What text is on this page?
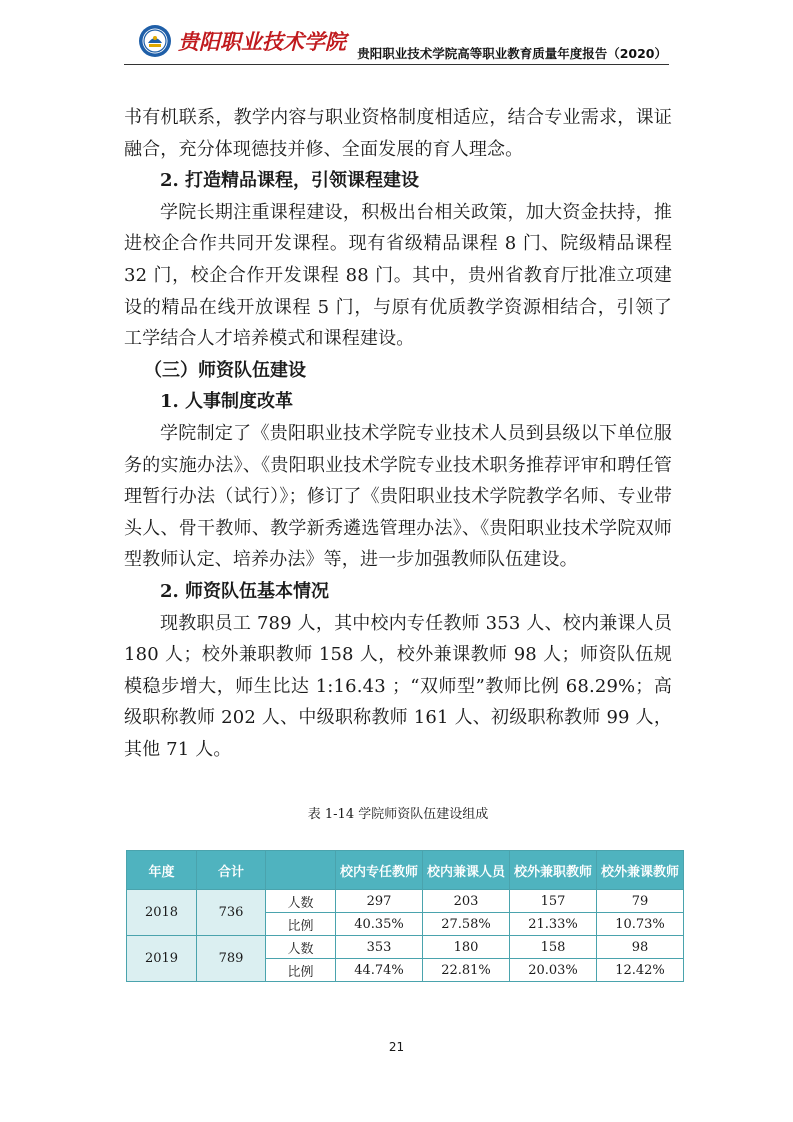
贵阳职业技术学院 贵阳职业技术学院高等职业教育质量年度报告（2020）

书有机联系，教学内容与职业资格制度相适应，结合专业需求，课证融合，充分体现德技并修、全面发展的育人理念。

2. 打造精品课程，引领课程建设

学院长期注重课程建设，积极出台相关政策，加大资金扶持，推进校企合作共同开发课程。现有省级精品课程 8 门、院级精品课程 32 门，校企合作开发课程 88 门。其中，贵州省教育厅批准立项建设的精品在线开放课程 5 门，与原有优质教学资源相结合，引领了工学结合人才培养模式和课程建设。

（三）师资队伍建设

1. 人事制度改革

学院制定了《贵阳职业技术学院专业技术人员到县级以下单位服务的实施办法》、《贵阳职业技术学院专业技术职务推荐评审和聘任管理暂行办法（试行）》；修订了《贵阳职业技术学院教学名师、专业带头人、骨干教师、教学新秀遴选管理办法》、《贵阳职业技术学院双师型教师认定、培养办法》等，进一步加强教师队伍建设。

2. 师资队伍基本情况

现教职员工 789 人，其中校内专任教师 353 人、校内兼课人员 180 人；校外兼职教师 158 人，校外兼课教师 98 人；师资队伍规模稳步增大，师生比达 1:16.43 ；“双师型”教师比例 68.29%；高级职称教师 202 人、中级职称教师 161 人、初级职称教师 99 人，其他 71 人。

表 1-14 学院师资队伍建设组成
年度	合计		校内专任教师	校内兼课人员	校外兼职教师	校外兼课教师
2018	736	人数	297	203	157	79
		比例	40.35%	27.58%	21.33%	10.73%
2019	789	人数	353	180	158	98
		比例	44.74%	22.81%	20.03%	12.42%
21
